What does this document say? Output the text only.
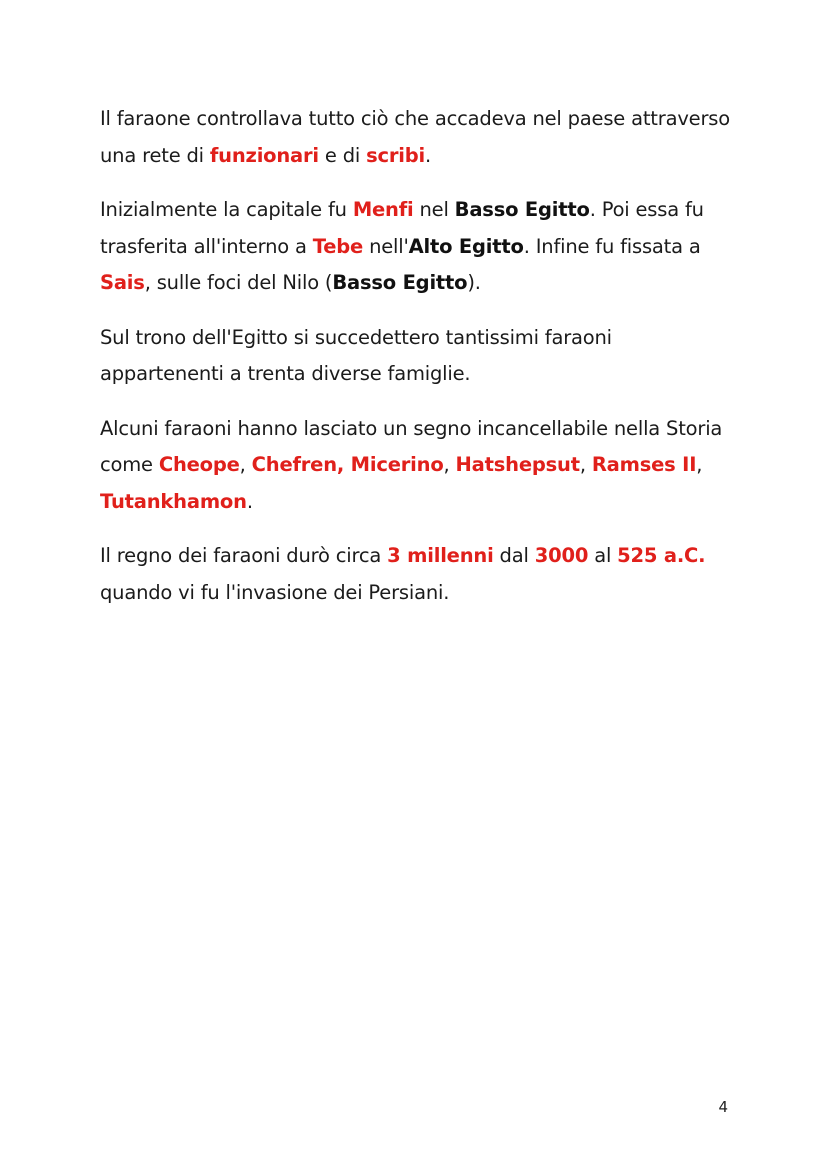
Il faraone controllava tutto ciò che accadeva nel paese attraverso una rete di funzionari e di scribi.

Inizialmente la capitale fu Menfi nel Basso Egitto. Poi essa fu trasferita all'interno a Tebe nell'Alto Egitto. Infine fu fissata a Sais, sulle foci del Nilo (Basso Egitto).

Sul trono dell'Egitto si succedettero tantissimi faraoni appartenenti a trenta diverse famiglie.

Alcuni faraoni hanno lasciato un segno incancellabile nella Storia come Cheope, Chefren, Micerino, Hatshepsut, Ramses II, Tutankhamon.

Il regno dei faraoni durò circa 3 millenni dal 3000 al 525 a.C. quando vi fu l'invasione dei Persiani.

4
